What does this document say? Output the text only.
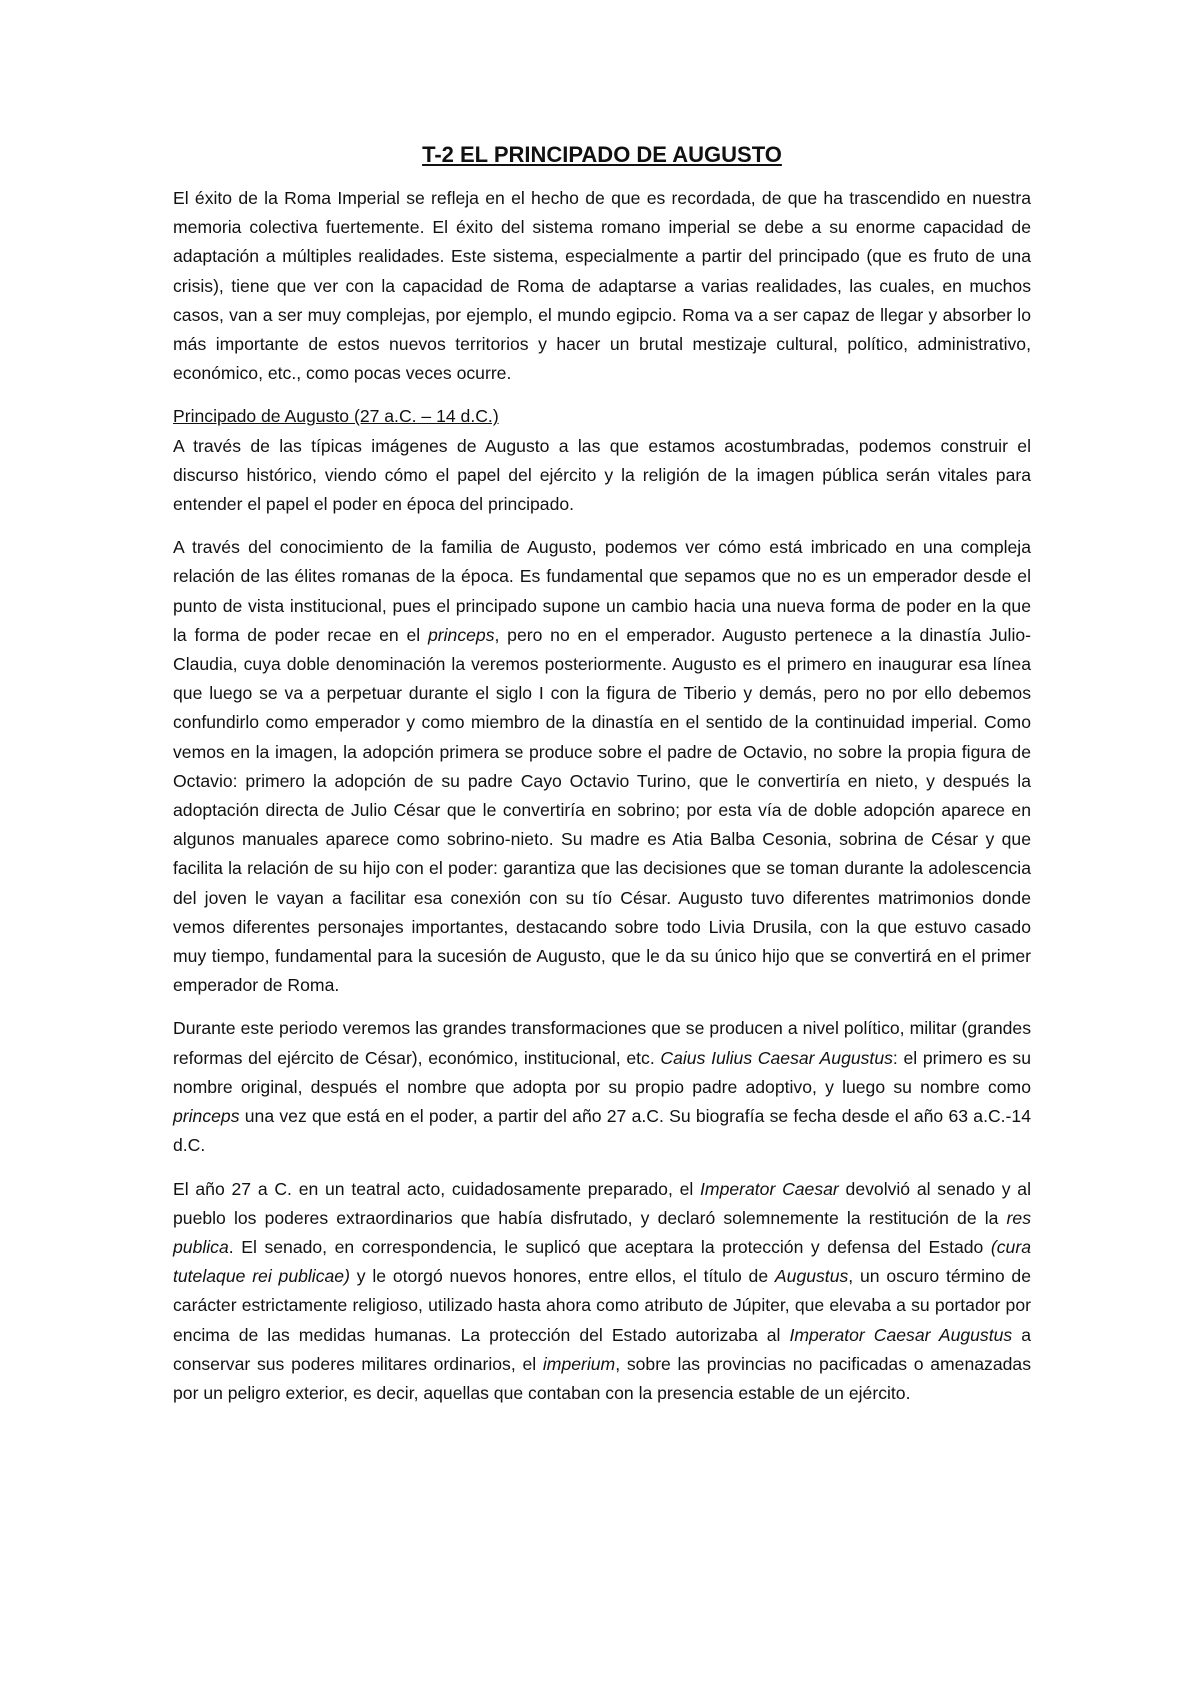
T-2 EL PRINCIPADO DE AUGUSTO

El éxito de la Roma Imperial se refleja en el hecho de que es recordada, de que ha trascendido en nuestra memoria colectiva fuertemente. El éxito del sistema romano imperial se debe a su enorme capacidad de adaptación a múltiples realidades. Este sistema, especialmente a partir del principado (que es fruto de una crisis), tiene que ver con la capacidad de Roma de adaptarse a varias realidades, las cuales, en muchos casos, van a ser muy complejas, por ejemplo, el mundo egipcio. Roma va a ser capaz de llegar y absorber lo más importante de estos nuevos territorios y hacer un brutal mestizaje cultural, político, administrativo, económico, etc., como pocas veces ocurre.

Principado de Augusto (27 a.C. – 14 d.C.)

A través de las típicas imágenes de Augusto a las que estamos acostumbradas, podemos construir el discurso histórico, viendo cómo el papel del ejército y la religión de la imagen pública serán vitales para entender el papel el poder en época del principado.

A través del conocimiento de la familia de Augusto, podemos ver cómo está imbricado en una compleja relación de las élites romanas de la época. Es fundamental que sepamos que no es un emperador desde el punto de vista institucional, pues el principado supone un cambio hacia una nueva forma de poder en la que la forma de poder recae en el princeps, pero no en el emperador. Augusto pertenece a la dinastía Julio-Claudia, cuya doble denominación la veremos posteriormente. Augusto es el primero en inaugurar esa línea que luego se va a perpetuar durante el siglo I con la figura de Tiberio y demás, pero no por ello debemos confundirlo como emperador y como miembro de la dinastía en el sentido de la continuidad imperial. Como vemos en la imagen, la adopción primera se produce sobre el padre de Octavio, no sobre la propia figura de Octavio: primero la adopción de su padre Cayo Octavio Turino, que le convertiría en nieto, y después la adoptación directa de Julio César que le convertiría en sobrino; por esta vía de doble adopción aparece en algunos manuales aparece como sobrino-nieto. Su madre es Atia Balba Cesonia, sobrina de César y que facilita la relación de su hijo con el poder: garantiza que las decisiones que se toman durante la adolescencia del joven le vayan a facilitar esa conexión con su tío César. Augusto tuvo diferentes matrimonios donde vemos diferentes personajes importantes, destacando sobre todo Livia Drusila, con la que estuvo casado muy tiempo, fundamental para la sucesión de Augusto, que le da su único hijo que se convertirá en el primer emperador de Roma.

Durante este periodo veremos las grandes transformaciones que se producen a nivel político, militar (grandes reformas del ejército de César), económico, institucional, etc. Caius Iulius Caesar Augustus: el primero es su nombre original, después el nombre que adopta por su propio padre adoptivo, y luego su nombre como princeps una vez que está en el poder, a partir del año 27 a.C. Su biografía se fecha desde el año 63 a.C.-14 d.C.

El año 27 a C. en un teatral acto, cuidadosamente preparado, el Imperator Caesar devolvió al senado y al pueblo los poderes extraordinarios que había disfrutado, y declaró solemnemente la restitución de la res publica. El senado, en correspondencia, le suplicó que aceptara la protección y defensa del Estado (cura tutelaque rei publicae) y le otorgó nuevos honores, entre ellos, el título de Augustus, un oscuro término de carácter estrictamente religioso, utilizado hasta ahora como atributo de Júpiter, que elevaba a su portador por encima de las medidas humanas. La protección del Estado autorizaba al Imperator Caesar Augustus a conservar sus poderes militares ordinarios, el imperium, sobre las provincias no pacificadas o amenazadas por un peligro exterior, es decir, aquellas que contaban con la presencia estable de un ejército.
